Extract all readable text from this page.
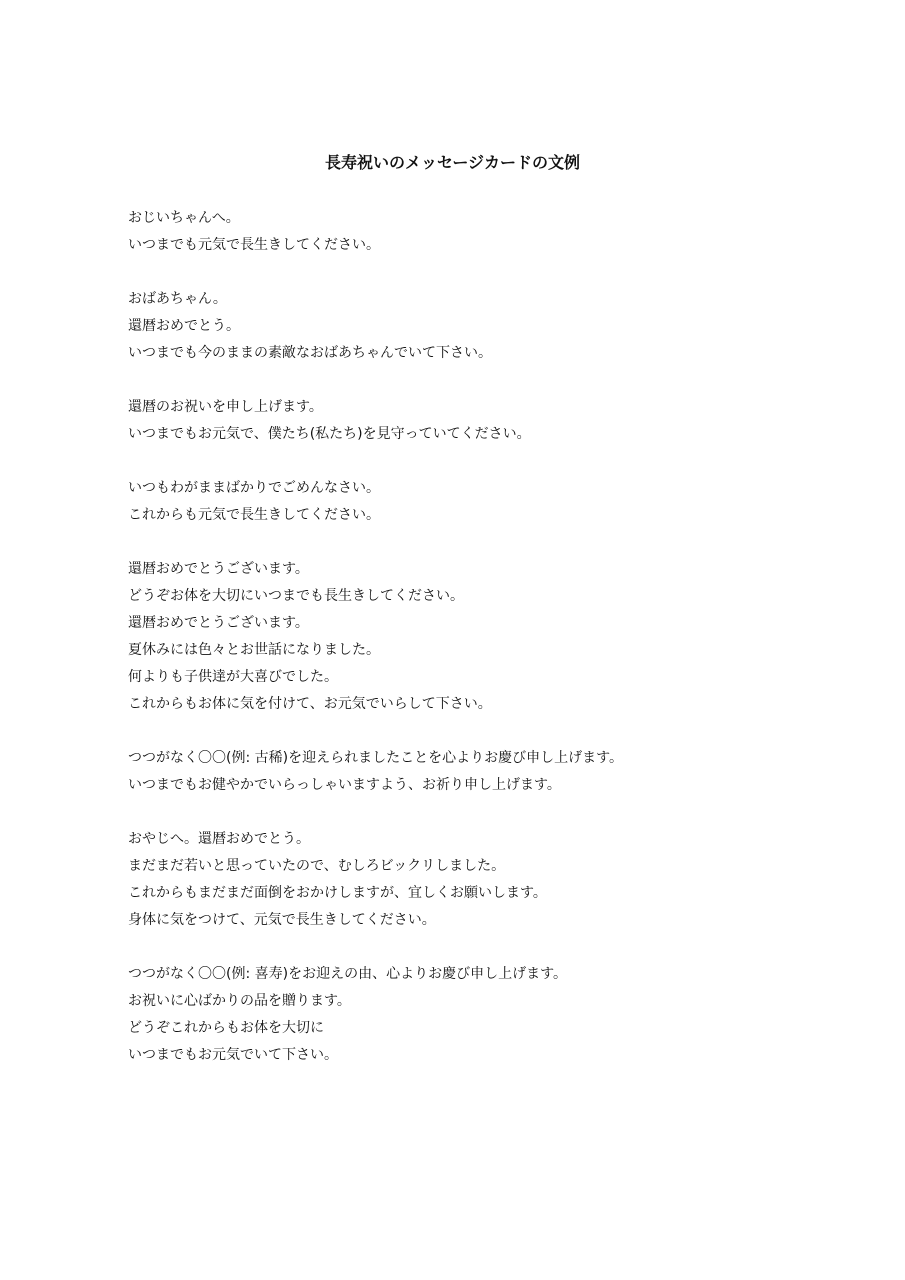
長寿祝いのメッセージカードの文例
おじいちゃんへ。
いつまでも元気で長生きしてください。
おばあちゃん。
還暦おめでとう。
いつまでも今のままの素敵なおばあちゃんでいて下さい。
還暦のお祝いを申し上げます。
いつまでもお元気で、僕たち(私たち)を見守っていてください。
いつもわがままばかりでごめんなさい。
これからも元気で長生きしてください。
還暦おめでとうございます。
どうぞお体を大切にいつまでも長生きしてください。
還暦おめでとうございます。
夏休みには色々とお世話になりました。
何よりも子供達が大喜びでした。
これからもお体に気を付けて、お元気でいらして下さい。
つつがなく〇〇(例: 古稀)を迎えられましたことを心よりお慶び申し上げます。
いつまでもお健やかでいらっしゃいますよう、お祈り申し上げます。
おやじへ。還暦おめでとう。
まだまだ若いと思っていたので、むしろビックリしました。
これからもまだまだ面倒をおかけしますが、宜しくお願いします。
身体に気をつけて、元気で長生きしてください。
つつがなく〇〇(例: 喜寿)をお迎えの由、心よりお慶び申し上げます。
お祝いに心ばかりの品を贈ります。
どうぞこれからもお体を大切に
いつまでもお元気でいて下さい。
